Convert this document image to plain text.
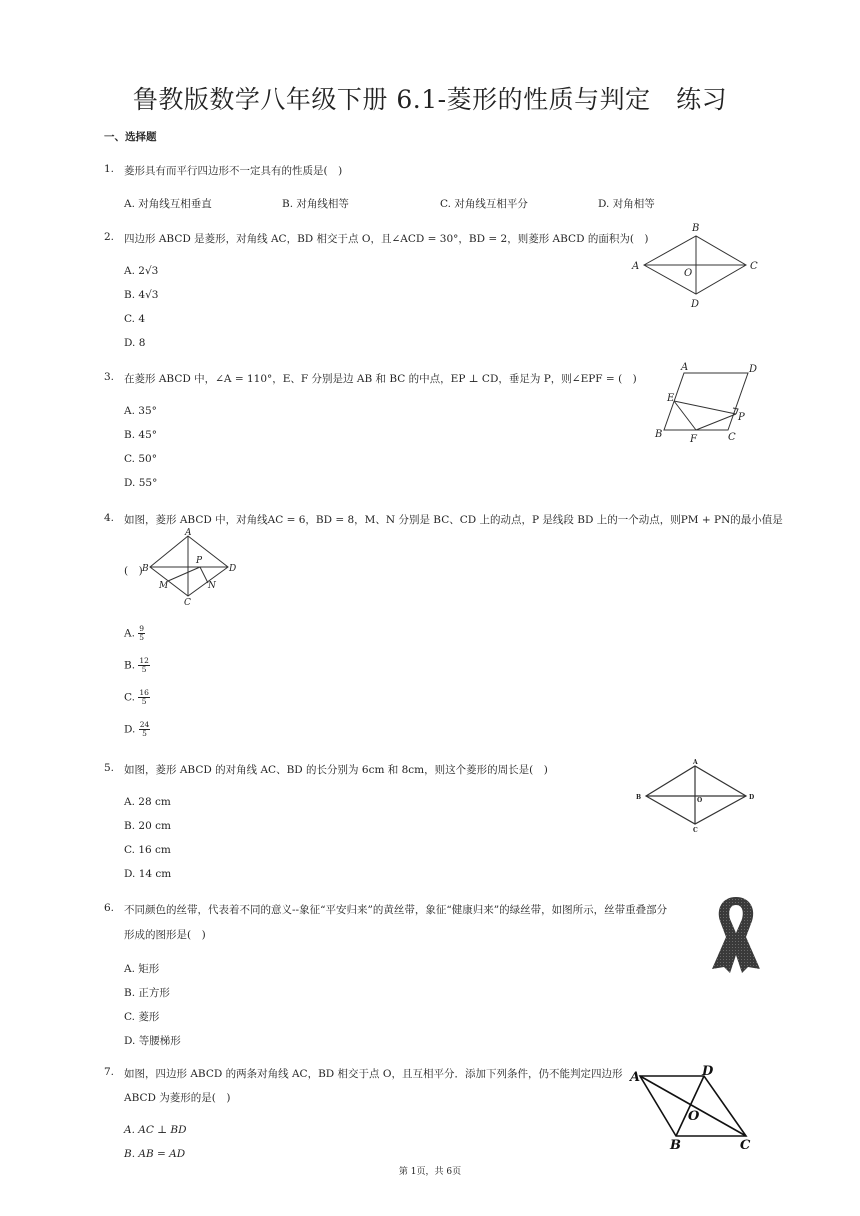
鲁教版数学八年级下册 6.1-菱形的性质与判定　练习
一、选择题
1. 菱形具有而平行四边形不一定具有的性质是(　)
A. 对角线互相垂直	B. 对角线相等	C. 对角线互相平分	D. 对角相等
2. 四边形 ABCD 是菱形，对角线 AC，BD 相交于点 O，且∠ACD = 30°，BD = 2，则菱形 ABCD 的面积为(　)
A. 2√3
B. 4√3
C. 4
D. 8
A
B
C
D
O
3. 在菱形 ABCD 中，∠A = 110°，E、F 分别是边 AB 和 BC 的中点，EP ⊥ CD，垂足为 P，则∠EPF = (　)
A. 35°
B. 45°
C. 50°
D. 55°
A	D
E
P
B	F	C
4. 如图，菱形 ABCD 中，对角线AC = 6，BD = 8，M、N 分别是 BC、CD 上的动点，P 是线段 BD 上的一个动点，则PM + PN的最小值是
(　)
A
B
P
D
M	N
C
A. $\frac{9}{5}$
B. $\frac{12}{5}$
C. $\frac{16}{5}$
D. $\frac{24}{5}$
5. 如图，菱形 ABCD 的对角线 AC、BD 的长分别为 6cm 和 8cm，则这个菱形的周长是(　)
A. 28 cm
B. 20 cm
C. 16 cm
D. 14 cm
A
B	O	D
C
6. 不同颜色的丝带，代表着不同的意义--象征“平安归来”的黄丝带，象征“健康归来”的绿丝带，如图所示，丝带重叠部分
形成的图形是(　)
A. 矩形
B. 正方形
C. 菱形
D. 等腰梯形
7. 如图，四边形 ABCD 的两条对角线 AC，BD 相交于点 O，且互相平分．添加下列条件，仍不能判定四边形
ABCD 为菱形的是(　)
A. AC ⊥ BD
B. AB = AD
A	D
O
B	C
第 1页，共 6页
